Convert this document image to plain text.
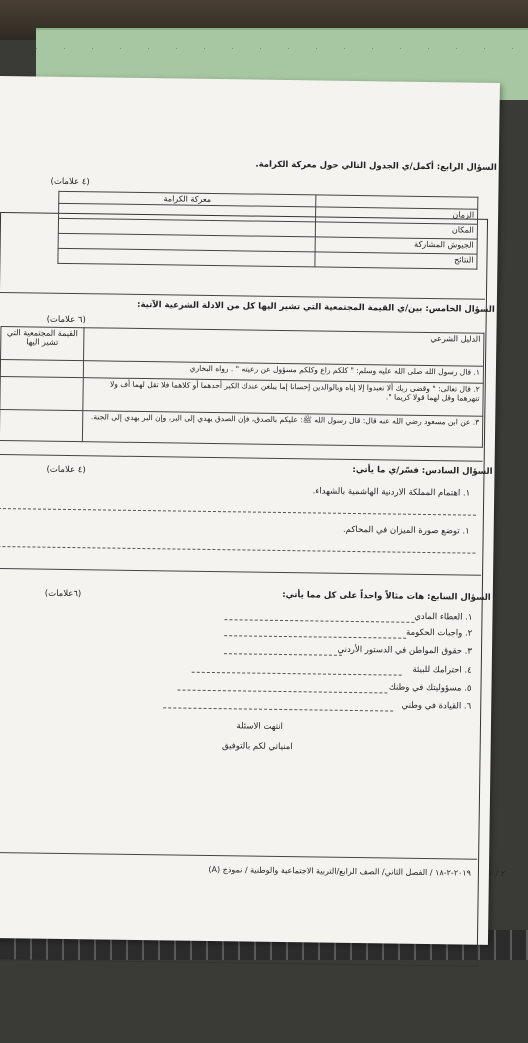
السؤال الرابع: أكمل/ي الجدول التالي حول معركة الكرامة.
(٤ علامات)
	معركة الكرامة
الزمان	
المكان	
الجيوش المشاركة	
النتائج	
السؤال الخامس: بين/ي القيمة المجتمعية التي تشير اليها كل من الادلة الشرعية الآتية:
(٦ علامات)
الدليل الشرعي	القيمة المجتمعية التي تشير اليها
١. قال رسول الله صلى الله عليه وسلم: " كلكم راع وكلكم مسؤول عن رعيته " . رواه البخاري	
٢. قال تعالى: " وقضى ربك ألا تعبدوا إلا إياه وبالوالدين إحسانا إما يبلغن عندك الكبر أحدهما أو كلاهما فلا تقل لهما أف ولا تنهرهما وقل لهما قولا كريما ".	
٣. عن ابن مسعود رضي الله عنه قال: قال رسول الله ﷺ: عليكم بالصدق، فإن الصدق يهدي إلى البر، وإن البر يهدي إلى الجنة.	
السؤال السادس: فسّر/ي ما يأتي:
(٤ علامات)
١. اهتمام المملكة الاردنية الهاشمية بالشهداء.
١. توضع صورة الميزان في المحاكم.
السؤال السابع: هات مثالاً واحداً على كل مما يأتي:
(٦علامات)
١. العطاء المادي
٢. واجبات الحكومة
٣. حقوق المواطن في الدستور الأردني
٤. احترامك للبيئة
٥. مسؤوليتك في وطنك
٦. القيادة في وطني
انتهت الاسئلة
امنياتي لكم بالتوفيق
٢٠١٩-٢-١٨ / الفصل الثاني/ الصف الرابع/التربية الاجتماعية والوطنية / نموذج (A) ٢ / ١
